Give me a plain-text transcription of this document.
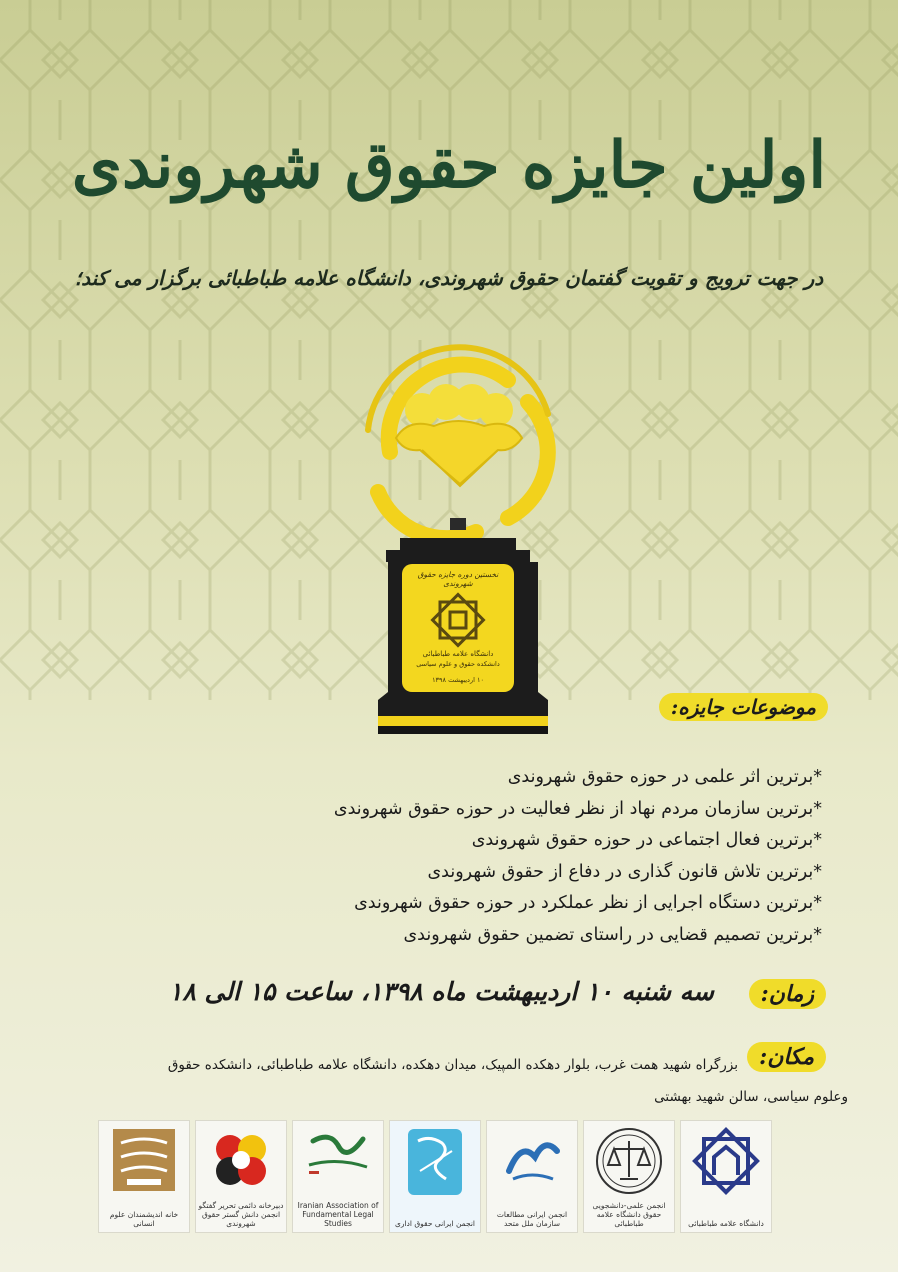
اولین جایزه حقوق شهروندی
در جهت ترویج و تقویت گفتمان حقوق شهروندی، دانشگاه علامه طباطبائی برگزار می کند؛
نخستین دوره جایزه حقوق شهروندی
دانشگاه علامه طباطبائی
دانشکده حقوق و علوم سیاسی
۱۰ اردیبهشت ۱۳۹۸
موضوعات جایزه:
*برترین اثر علمی در حوزه حقوق شهروندی
*برترین سازمان مردم نهاد از نظر فعالیت در حوزه حقوق شهروندی
*برترین فعال اجتماعی در حوزه حقوق شهروندی
*برترین تلاش قانون گذاری در دفاع از حقوق شهروندی
*برترین دستگاه اجرایی از نظر عملکرد در حوزه حقوق شهروندی
*برترین تصمیم قضایی در راستای تضمین حقوق شهروندی
زمان:
سه شنبه ۱۰ اردیبهشت ماه ۱۳۹۸، ساعت ۱۵ الی ۱۸
مکان:
بزرگراه شهید همت غرب، بلوار دهکده المپیک، میدان دهکده، دانشگاه علامه طباطبائی، دانشکده حقوق
وعلوم سیاسی، سالن شهید بهشتی
دانشگاه علامه طباطبائی
انجمن علمی-دانشجویی حقوق دانشگاه علامه طباطبائی
انجمن ایرانی مطالعات سازمان ملل متحد
انجمن ایرانی حقوق اداری
Iranian Association of Fundamental Legal Studies
دبیرخانه دائمی تحریر گفتگو انجمن دانش گستر حقوق شهروندی
خانه اندیشمندان علوم انسانی
